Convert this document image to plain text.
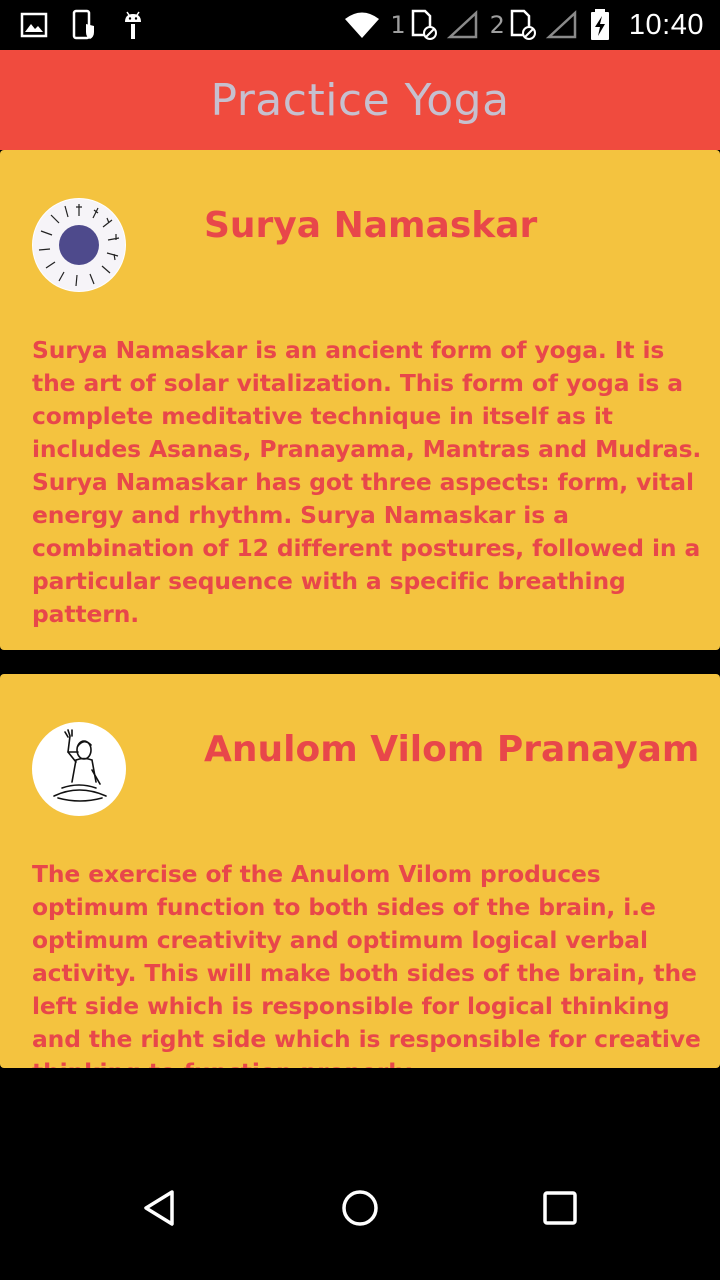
1	2	10:40
Practice Yoga
Surya Namaskar

Surya Namaskar is an ancient form of yoga. It is the art of solar vitalization. This form of yoga is a complete meditative technique in itself as it includes Asanas, Pranayama, Mantras and Mudras.

Surya Namaskar has got three aspects: form, vital energy and rhythm. Surya Namaskar is a combination of 12 different postures, followed in a particular sequence with a specific breathing pattern.

Anulom Vilom Pranayam

The exercise of the Anulom Vilom produces optimum function to both sides of the brain, i.e optimum creativity and optimum logical verbal activity. This will make both sides of the brain, the left side which is responsible for logical thinking and the right side which is responsible for creative
